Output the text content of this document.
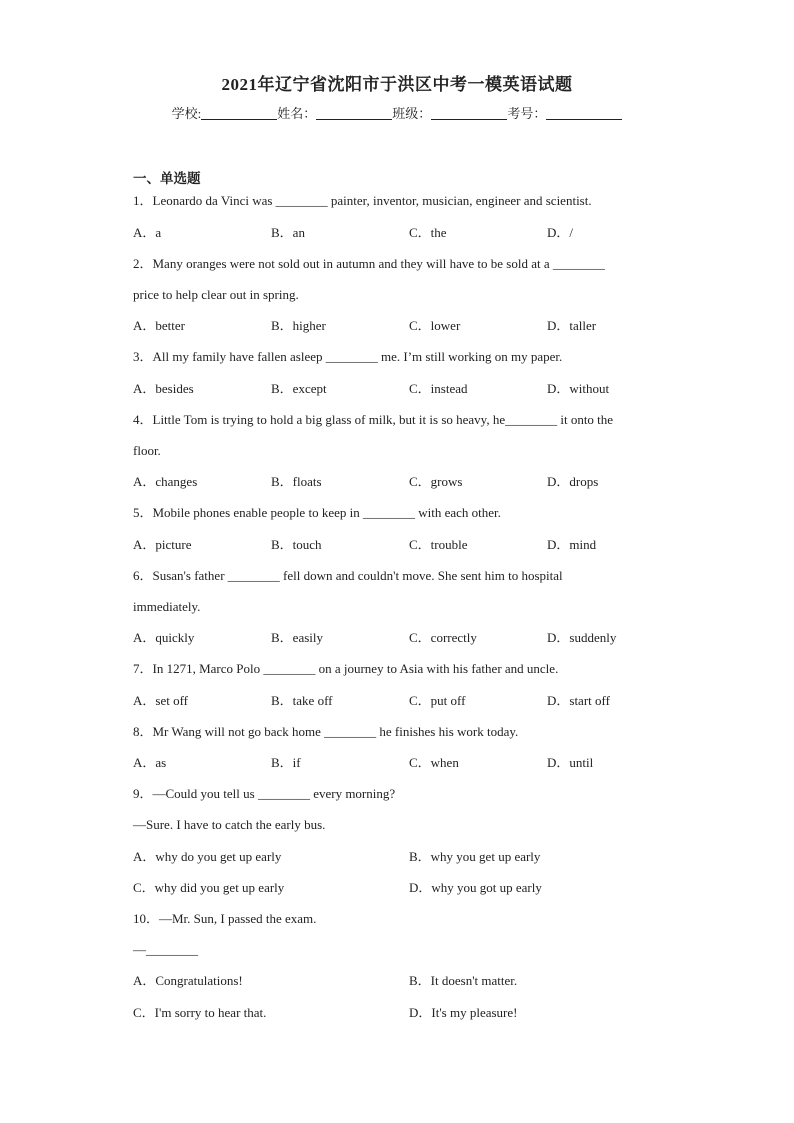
2021年辽宁省沈阳市于洪区中考一模英语试题
学校:	姓名：	班级：	考号：
一、单选题
1．Leonardo da Vinci was ________ painter, inventor, musician, engineer and scientist.
A．a	B．an	C．the	D．/
2．Many oranges were not sold out in autumn and they will have to be sold at a ________
price to help clear out in spring.
A．better	B．higher	C．lower	D．taller
3．All my family have fallen asleep ________ me. I’m still working on my paper.
A．besides	B．except	C．instead	D．without
4．Little Tom is trying to hold a big glass of milk, but it is so heavy, he________ it onto the
floor.
A．changes	B．floats	C．grows	D．drops
5．Mobile phones enable people to keep in ________ with each other.
A．picture	B．touch	C．trouble	D．mind
6．Susan's father ________ fell down and couldn't move. She sent him to hospital
immediately.
A．quickly	B．easily	C．correctly	D．suddenly
7．In 1271, Marco Polo ________ on a journey to Asia with his father and uncle.
A．set off	B．take off	C．put off	D．start off
8．Mr Wang will not go back home ________ he finishes his work today.
A．as	B．if	C．when	D．until
9．—Could you tell us ________ every morning?
—Sure. I have to catch the early bus.
A．why do you get up early	B．why you get up early
C．why did you get up early	D．why you got up early
10．—Mr. Sun, I passed the exam.
—________
A．Congratulations!	B．It doesn't matter.
C．I'm sorry to hear that.	D．It's my pleasure!
